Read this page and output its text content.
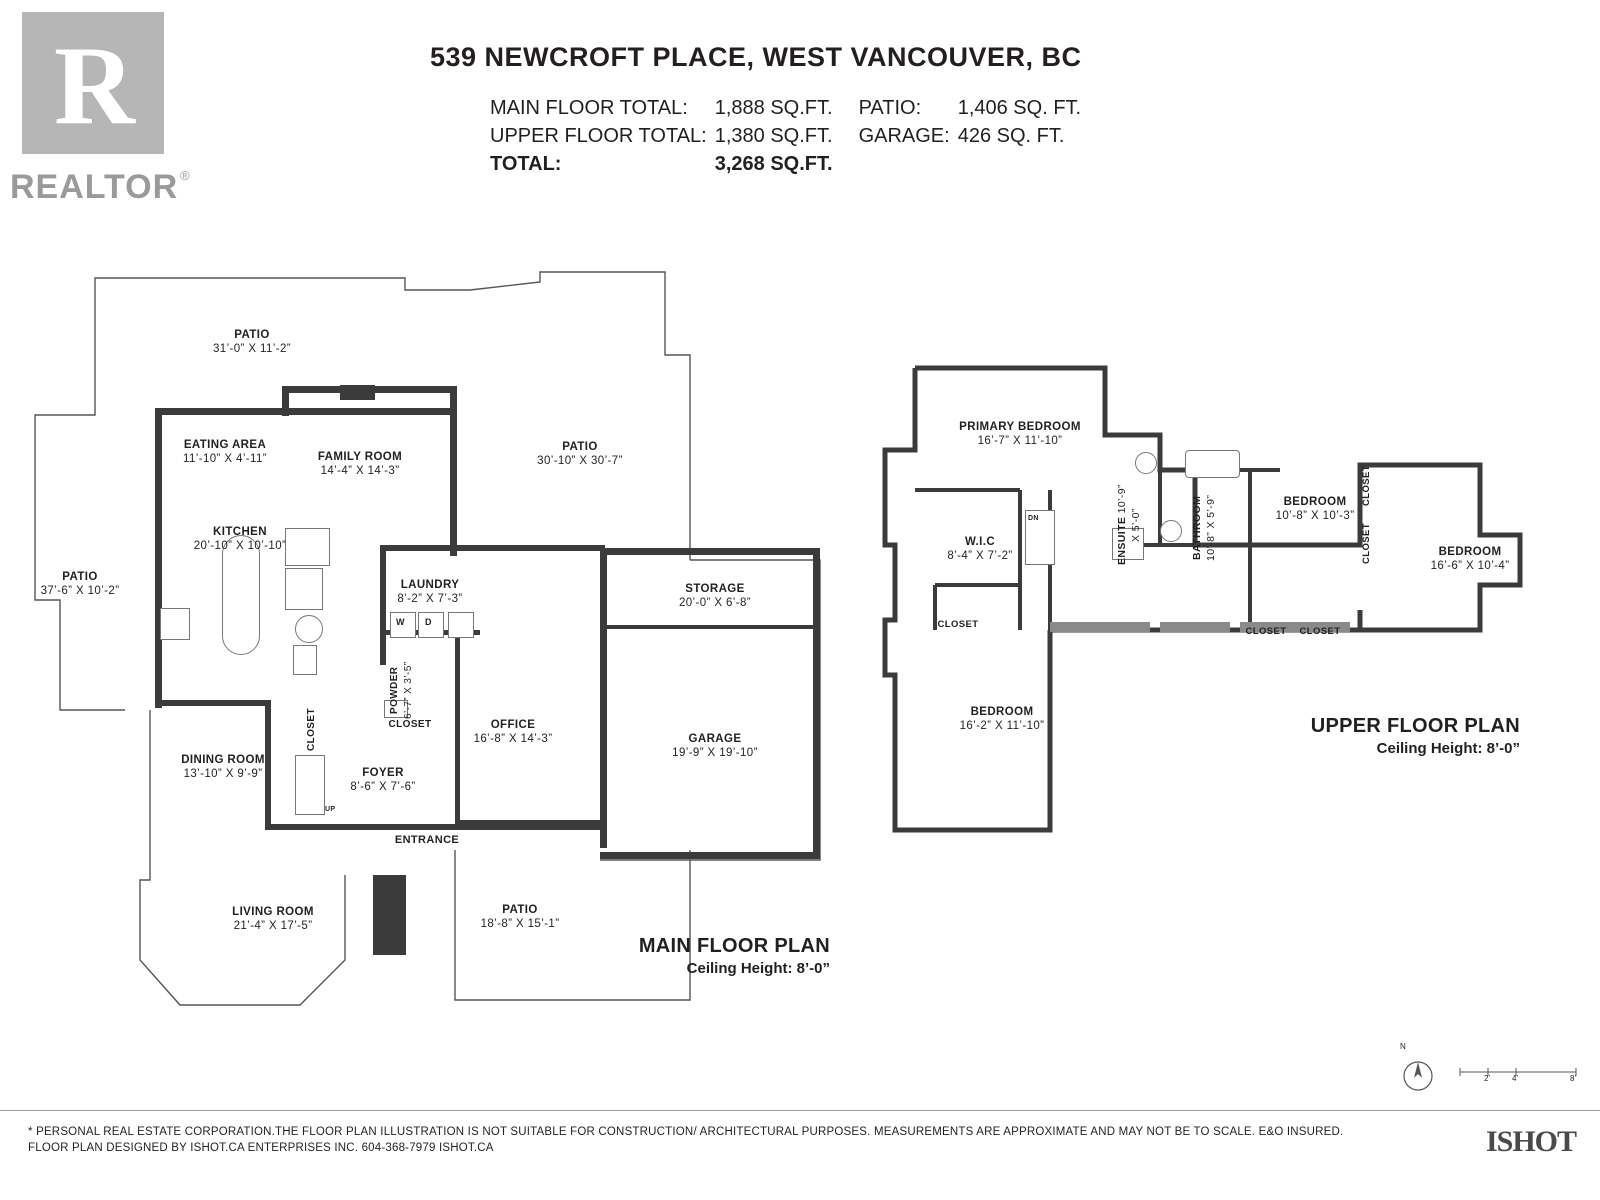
R
REALTOR ®
539 NEWCROFT PLACE, WEST VANCOUVER, BC
MAIN FLOOR TOTAL:	1,888 SQ.FT.	PATIO:	1,406 SQ. FT.
UPPER FLOOR TOTAL:	1,380 SQ.FT.	GARAGE:	426 SQ. FT.
TOTAL:	3,268 SQ.FT.		
W D
UP
PATIO
31’-0” X 11’-2”
EATING AREA
11’-10” X 4’-11”	FAMILY ROOM
14’-4” X 14’-3”
PATIO
30’-10” X 30’-7”
KITCHEN
20’-10” X 10’-10”
PATIO
37’-6” X 10’-2”	LAUNDRY
8’-2” X 7’-3”
STORAGE
20’-0” X 6’-8”
POWDER 6’-7” X 3’-5”
OFFICE
16’-8” X 14’-3”	GARAGE
19’-9” X 19’-10”
DINING ROOM
13’-10” X 9’-9”	FOYER
8’-6” X 7’-6”
LIVING ROOM
21’-4” X 17’-5”
PATIO
18’-8” X 15’-1”
CLOSET	CLOSET
ENTRANCE
MAIN FLOOR PLAN
Ceiling Height: 8’-0”
DN
PRIMARY BEDROOM
16’-7” X 11’-10”
BEDROOM
10’-8” X 10’-3”
BEDROOM
16’-6” X 10’-4”
W.I.C
8’-4” X 7’-2”
BEDROOM
16’-2” X 11’-10”
ENSUITE 10’-9” X 5’-0”	BATHROOM 10’-8” X 5’-9”
CLOSET
CLOSET
CLOSET
CLOSET	CLOSET
UPPER FLOOR PLAN
Ceiling Height: 8’-0”
N
2’	4’	8’
* PERSONAL REAL ESTATE CORPORATION.THE FLOOR PLAN ILLUSTRATION IS NOT SUITABLE FOR CONSTRUCTION/ ARCHITECTURAL PURPOSES. MEASUREMENTS ARE APPROXIMATE AND MAY NOT BE TO SCALE. E&O INSURED.
FLOOR PLAN DESIGNED BY ISHOT.CA ENTERPRISES INC. 604-368-7979 ISHOT.CA	ISHOT
